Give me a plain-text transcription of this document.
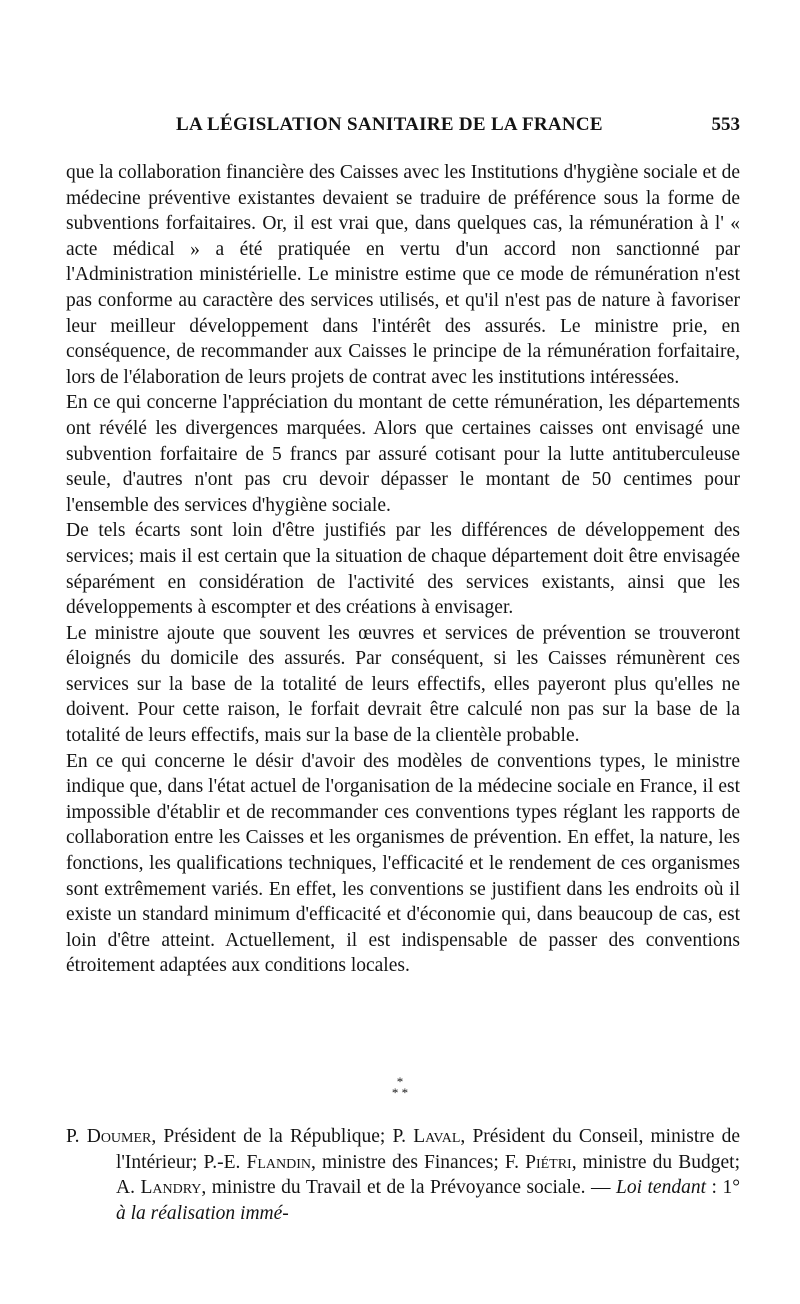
LA LÉGISLATION SANITAIRE DE LA FRANCE	553

que la collaboration financière des Caisses avec les Institutions d'hygiène sociale et de médecine préventive existantes devaient se traduire de préférence sous la forme de subventions forfaitaires. Or, il est vrai que, dans quelques cas, la rémunération à l' « acte médical » a été pratiquée en vertu d'un accord non sanctionné par l'Administration ministérielle. Le ministre estime que ce mode de rémunération n'est pas conforme au caractère des services utilisés, et qu'il n'est pas de nature à favoriser leur meilleur développement dans l'intérêt des assurés. Le ministre prie, en conséquence, de recommander aux Caisses le principe de la rémunération forfaitaire, lors de l'élaboration de leurs projets de contrat avec les institutions intéressées.

En ce qui concerne l'appréciation du montant de cette rémunération, les départements ont révélé les divergences marquées. Alors que certaines caisses ont envisagé une subvention forfaitaire de 5 francs par assuré cotisant pour la lutte antituberculeuse seule, d'autres n'ont pas cru devoir dépasser le montant de 50 centimes pour l'ensemble des services d'hygiène sociale.

De tels écarts sont loin d'être justifiés par les différences de développement des services; mais il est certain que la situation de chaque département doit être envisagée séparément en considération de l'activité des services existants, ainsi que les développements à escompter et des créations à envisager.

Le ministre ajoute que souvent les œuvres et services de prévention se trouveront éloignés du domicile des assurés. Par conséquent, si les Caisses rémunèrent ces services sur la base de la totalité de leurs effectifs, elles payeront plus qu'elles ne doivent. Pour cette raison, le forfait devrait être calculé non pas sur la base de la totalité de leurs effectifs, mais sur la base de la clientèle probable.

En ce qui concerne le désir d'avoir des modèles de conventions types, le ministre indique que, dans l'état actuel de l'organisation de la médecine sociale en France, il est impossible d'établir et de recommander ces conventions types réglant les rapports de collaboration entre les Caisses et les organismes de prévention. En effet, la nature, les fonctions, les qualifications techniques, l'efficacité et le rendement de ces organismes sont extrêmement variés. En effet, les conventions se justifient dans les endroits où il existe un standard minimum d'efficacité et d'économie qui, dans beaucoup de cas, est loin d'être atteint. Actuellement, il est indispensable de passer des conventions étroitement adaptées aux conditions locales.

*
* *
P. Doumer, Président de la République; P. Laval, Président du Conseil, ministre de l'Intérieur; P.-E. Flandin, ministre des Finances; F. Piétri, ministre du Budget; A. Landry, ministre du Travail et de la Prévoyance sociale. — Loi tendant : 1° à la réalisation immé-
